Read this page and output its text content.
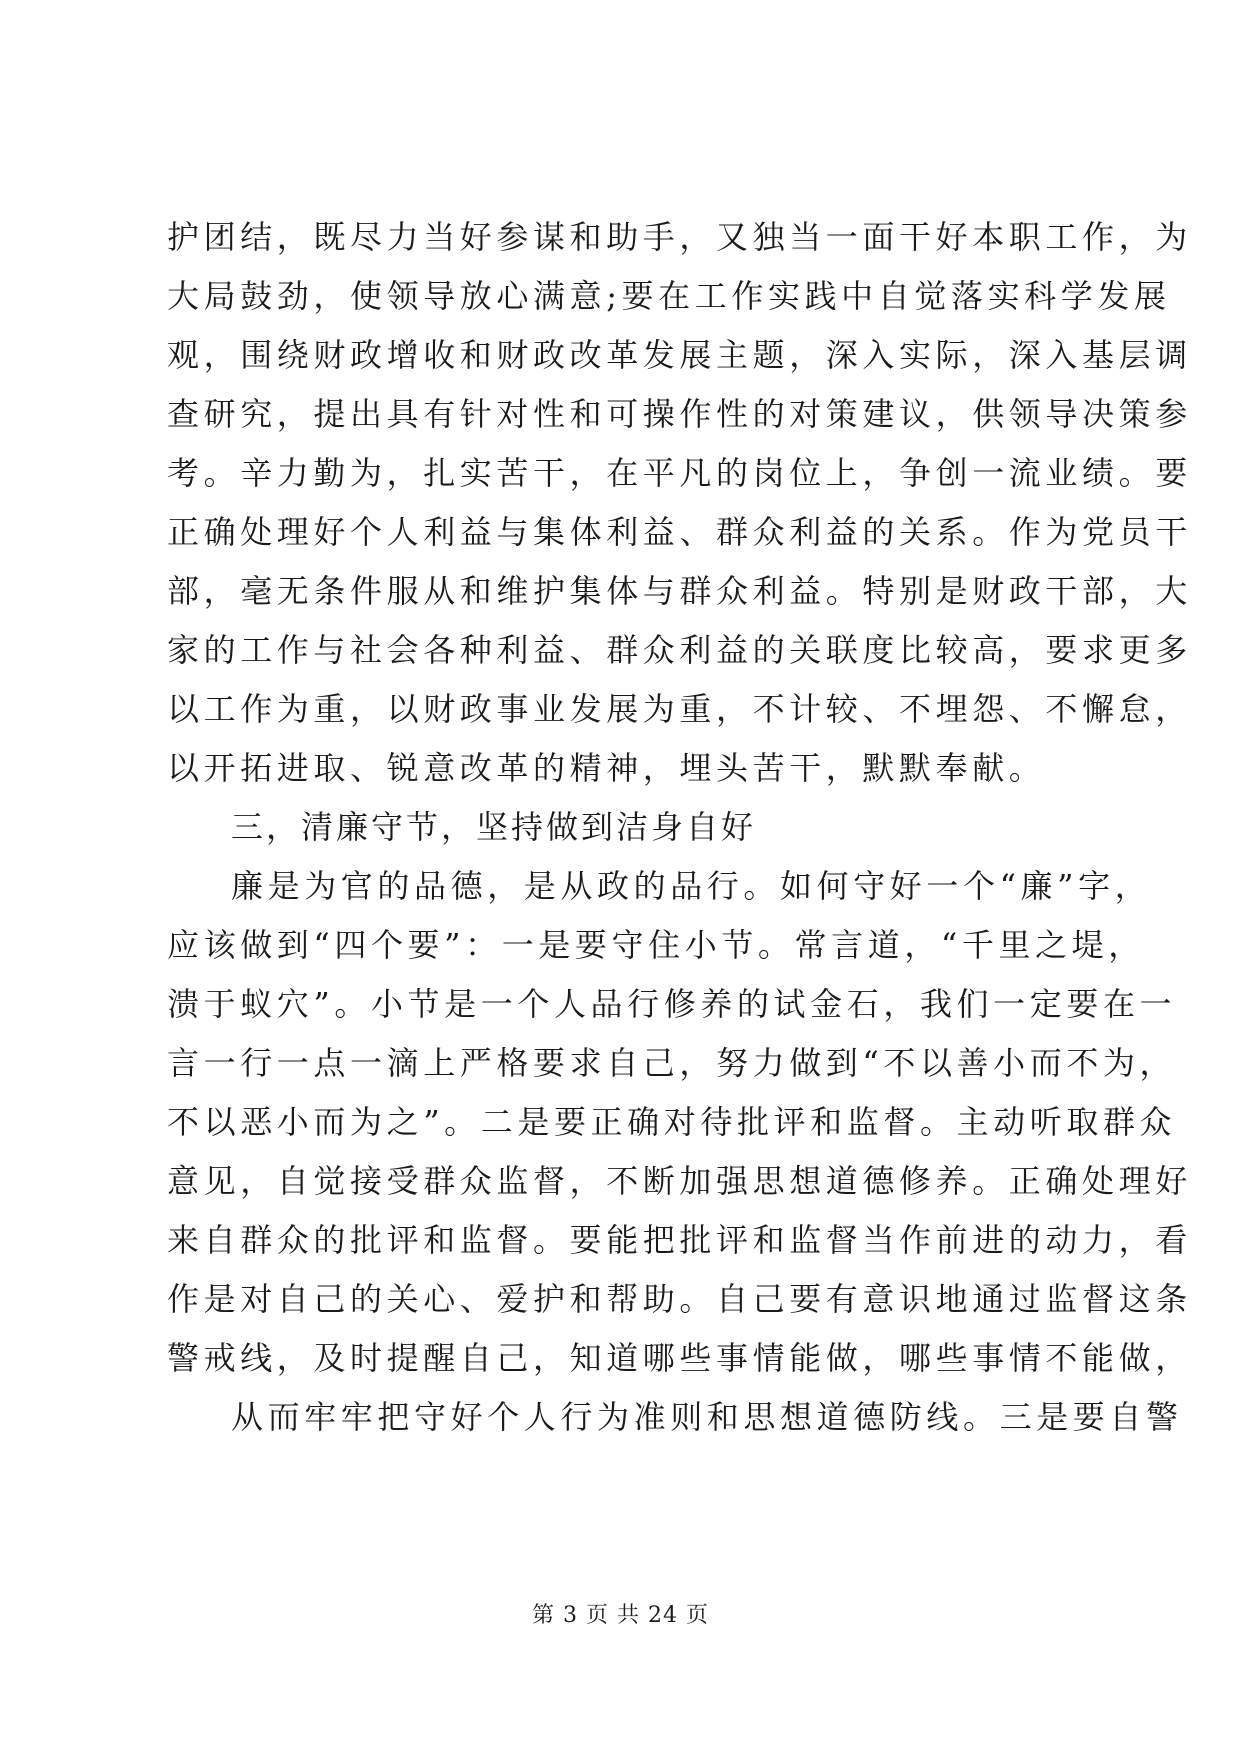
护团结，既尽力当好参谋和助手，又独当一面干好本职工作，为
大局鼓劲，使领导放心满意;要在工作实践中自觉落实科学发展
观，围绕财政增收和财政改革发展主题，深入实际，深入基层调
查研究，提出具有针对性和可操作性的对策建议，供领导决策参
考。辛力勤为，扎实苦干，在平凡的岗位上，争创一流业绩。要
正确处理好个人利益与集体利益、群众利益的关系。作为党员干
部，毫无条件服从和维护集体与群众利益。特别是财政干部，大
家的工作与社会各种利益、群众利益的关联度比较高，要求更多
以工作为重，以财政事业发展为重，不计较、不埋怨、不懈怠，
以开拓进取、锐意改革的精神，埋头苦干，默默奉献。
三，清廉守节，坚持做到洁身自好
廉是为官的品德，是从政的品行。如何守好一个“廉”字，
应该做到“四个要”：一是要守住小节。常言道，“千里之堤，
溃于蚁穴”。小节是一个人品行修养的试金石，我们一定要在一
言一行一点一滴上严格要求自己，努力做到“不以善小而不为，
不以恶小而为之”。二是要正确对待批评和监督。主动听取群众
意见，自觉接受群众监督，不断加强思想道德修养。正确处理好
来自群众的批评和监督。要能把批评和监督当作前进的动力，看
作是对自己的关心、爱护和帮助。自己要有意识地通过监督这条
警戒线，及时提醒自己，知道哪些事情能做，哪些事情不能做，
从而牢牢把守好个人行为准则和思想道德防线。三是要自警
第 3 页 共 24 页
